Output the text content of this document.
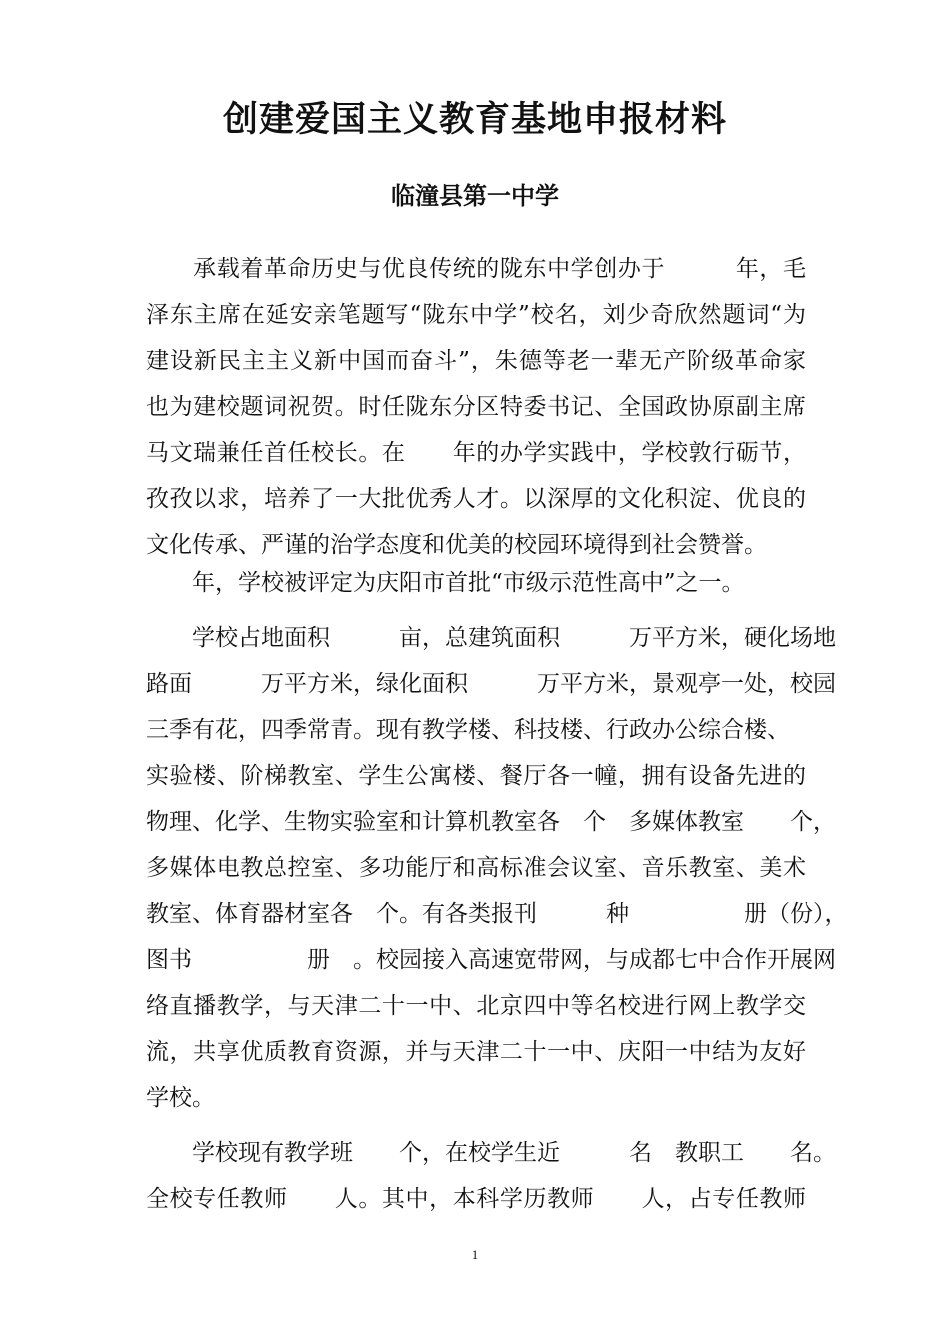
创建爱国主义教育基地申报材料
临潼县第一中学
　　承载着革命历史与优良传统的陇东中学创办于　　　年，毛
泽东主席在延安亲笔题写“陇东中学”校名，刘少奇欣然题词“为
建设新民主主义新中国而奋斗”，朱德等老一辈无产阶级革命家
也为建校题词祝贺。时任陇东分区特委书记、全国政协原副主席
马文瑞兼任首任校长。在　　年的办学实践中，学校敦行砺节，
孜孜以求，培养了一大批优秀人才。以深厚的文化积淀、优良的
文化传承、严谨的治学态度和优美的校园环境得到社会赞誉。
　　年，学校被评定为庆阳市首批“市级示范性高中”之一。
　　学校占地面积　　　亩，总建筑面积　　　万平方米，硬化场地
路面　　　万平方米，绿化面积　　　万平方米，景观亭一处，校园
三季有花，四季常青。现有教学楼、科技楼、行政办公综合楼、
实验楼、阶梯教室、学生公寓楼、餐厅各一幢，拥有设备先进的
物理、化学、生物实验室和计算机教室各　个　多媒体教室　　个，
多媒体电教总控室、多功能厅和高标准会议室、音乐教室、美术
教室、体育器材室各　个。有各类报刊　　　种　　　　　册（份），
图书　　　　　册　。校园接入高速宽带网，与成都七中合作开展网
络直播教学，与天津二十一中、北京四中等名校进行网上教学交
流，共享优质教育资源，并与天津二十一中、庆阳一中结为友好
学校。
　　学校现有教学班　　个，在校学生近　　　名　教职工　　名。
全校专任教师　　人。其中，本科学历教师　　人，占专任教师
1
